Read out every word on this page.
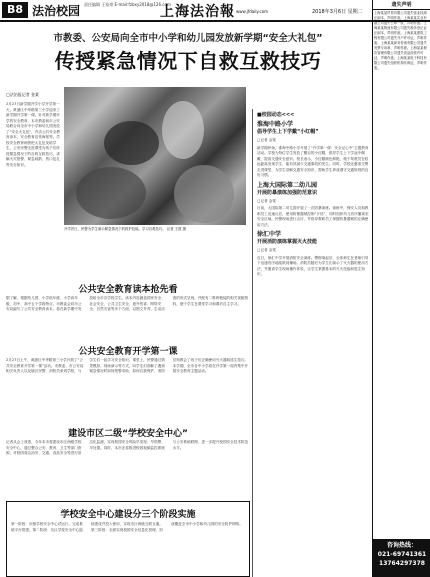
B8 法治校园 责任编辑 王家豪 E-mail:fzbxy2018@126.com
上海法治報 www.jfdaily.com	2018年3月6日 星期二
市教委、公安局向全市中小学和幼儿园发放新学期“安全大礼包”
传授紧急情况下自救互救技巧
□法治报记者 金棠
2月27日新学期开学小学开学第一天，黄浦区中华路第三小学迎来了新学期开学第一课。针对新学期开学的安全教育，本市教委和市公安局联合向全市中小学和幼儿园发放了“安全大礼包”，内含公共安全教育读本、安全教育宣传海报等。学校安全教育师资把大礼包发给学生，公安民警走进课堂为孩子们传授紧急情况下的自救互救技巧，讲解火灾报警、紧急疏散、伤口包扎等安全知识。
开学首日，民警为学生演示紧急情况下的救护技能，学习自救技巧。 记者 王建 摄
公共安全教育读本抢先看
据了解，根据幼儿园、小学低年级、小学高年级、初中、高中五个学段特点，市教委会同市公安局编写了公共安全教育读本，将在新学期中发放给全市各学段学生。读本内容涵盖国家安全、社会安全、公共卫生安全、意外伤害、网络安全、自然灾害等多个方面，以图文并茂、生动活泼的形式呈现，并配有二维码链接的相关视频资料，便于学生在课堂学习和课后自主学习。
公共安全教育开学第一课
2月27日上午，黄浦区中华路第三小学开展了“公共安全教育开学第一课”活动。市教委、市公安局相关负责人以及辖区民警、消防员来到学校，与学生们一起学习安全知识。课堂上，民警通过情景模拟、现场演示等方式，向学生们讲解了遇到紧急情况时如何报警求助、如何自我保护，消防员则教会了孩子们正确使用灭火器和逃生技巧。本学期，全市各中小学将在开学第一周内集中开展安全教育主题活动。
建设市区二级“学校安全中心”
记者从会上获悉，今年本市将建设市区两级学校安全中心，通过整合公安、教育、卫生等部门资源，对校园周边治安、交通、食品安全等进行常态化监测，实现校园安全风险早发现、早预警、早处置。同时，本市还将推进校园视频监控系统与公安系统联网，进一步提升校园安全技术防范水平。
学校安全中心建设分三个阶段实施
第一阶段：市级学校安全中心试运行，完成系统平台搭建。第二阶段：各区学校安全中心陆续建成并投入使用，实现市区两级互联互通。第三阶段：全面实现校园安全信息化管理，形成覆盖全市中小学和幼儿园的安全防护网络。
■校园动态<<<
淮海中路小学
倡导学生上下学戴“小红帽”
□记者 金棠
新学期伊始，淮海中路小学开展了“开学第一课：安全记心中”主题教育活动。学校为每位学生发放了醒目的小红帽，倡导学生上下学途中佩戴，提高交通安全意识。校长表示，小红帽颜色鲜艳，便于驾驶员在较远距离发现学生，能有效减少交通事故的发生。同时，学校还邀请交警走进课堂，为学生讲解交通安全知识，帮助学生养成遵守交通规则的良好习惯。
上海大国际第二幼儿园
开展防暴演练加强防范意识
□记者 金棠
日前，大国际第二幼儿园开展了一次防暴演练。演练中，保安人员和教职员工迅速反应，使用防暴器械控制“歹徒”，同时组织幼儿有序撤离至安全区域。民警现场进行点评，并指导教职员工掌握防暴器械的正确使用方法。
徐汇中学
开展消防演练掌握灭火技能
□记者 金棠
近日，徐汇中学开展消防安全演练。警报响起后，全体师生在老师引导下迅速有序地疏散到操场。消防员随后为学生们演示了灭火器的使用方法，并邀请学生现场操作体验，让学生掌握基本的灭火技能和逃生知识。
遗失声明
上海某某贸易有限公司遗失营业执照正副本，声明作废。上海某某实业有限公司遗失公章一枚，声明作废。上海某某物流有限公司遗失税务登记证正副本，声明作废。上海某某建筑工程有限公司遗失开户许可证，声明作废。上海某某商务咨询有限公司遗失发票专用章，声明作废。上海某某餐饮管理有限公司遗失食品经营许可证，声明作废。上海某某电子科技有限公司遗失组织机构代码证，声明作废。
咨询热线：
021-69741361
13764297378
